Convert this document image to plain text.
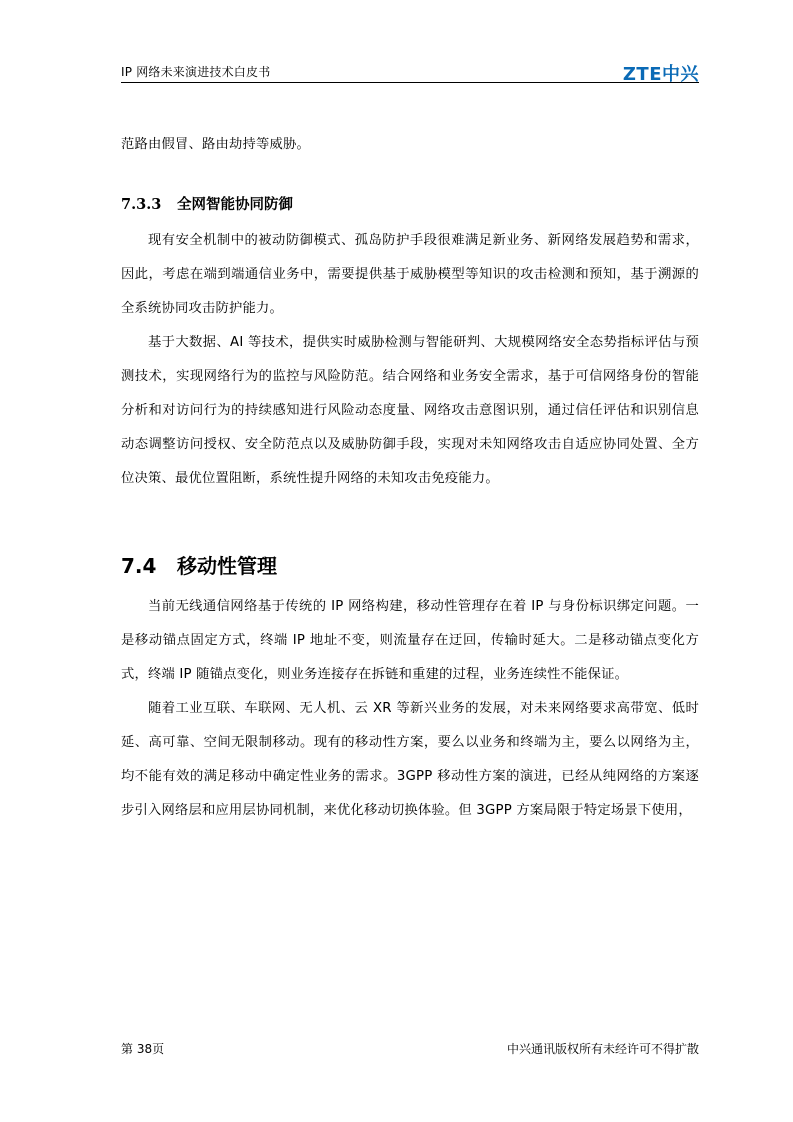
IP 网络未来演进技术白皮书	ZTE中兴

范路由假冒、路由劫持等威胁。

7.3.3 全网智能协同防御

现有安全机制中的被动防御模式、孤岛防护手段很难满足新业务、新网络发展趋势和需求，因此，考虑在端到端通信业务中，需要提供基于威胁模型等知识的攻击检测和预知，基于溯源的全系统协同攻击防护能力。

基于大数据、AI 等技术，提供实时威胁检测与智能研判、大规模网络安全态势指标评估与预测技术，实现网络行为的监控与风险防范。结合网络和业务安全需求，基于可信网络身份的智能分析和对访问行为的持续感知进行风险动态度量、网络攻击意图识别，通过信任评估和识别信息动态调整访问授权、安全防范点以及威胁防御手段，实现对未知网络攻击自适应协同处置、全方位决策、最优位置阻断，系统性提升网络的未知攻击免疫能力。

7.4 移动性管理

当前无线通信网络基于传统的 IP 网络构建，移动性管理存在着 IP 与身份标识绑定问题。一是移动锚点固定方式，终端 IP 地址不变，则流量存在迂回，传输时延大。二是移动锚点变化方式，终端 IP 随锚点变化，则业务连接存在拆链和重建的过程，业务连续性不能保证。

随着工业互联、车联网、无人机、云 XR 等新兴业务的发展，对未来网络要求高带宽、低时延、高可靠、空间无限制移动。现有的移动性方案，要么以业务和终端为主，要么以网络为主，均不能有效的满足移动中确定性业务的需求。3GPP 移动性方案的演进，已经从纯网络的方案逐步引入网络层和应用层协同机制，来优化移动切换体验。但 3GPP 方案局限于特定场景下使用，

第 38页	中兴通讯版权所有未经许可不得扩散
